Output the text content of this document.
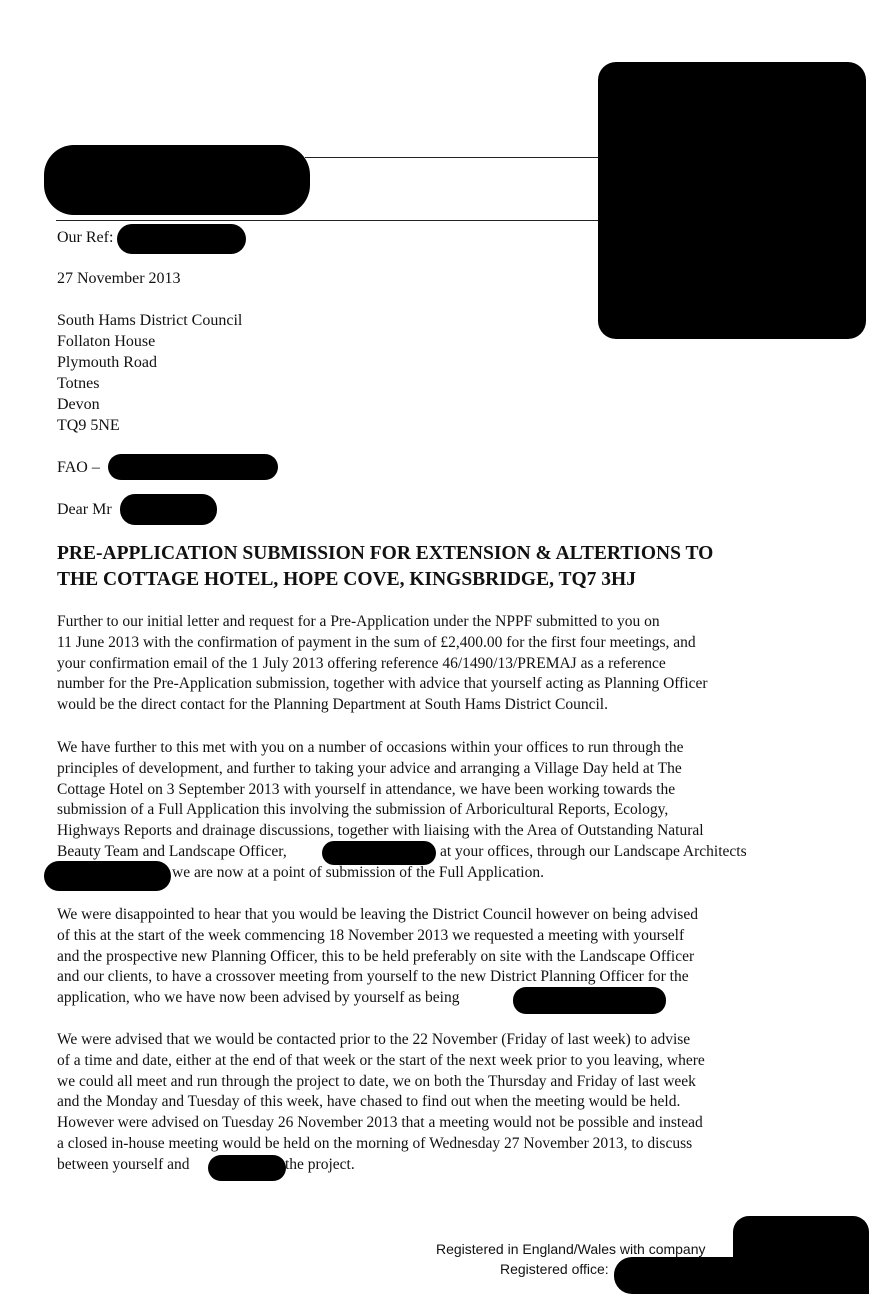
Our Ref:
27 November 2013
South Hams District Council
Follaton House
Plymouth Road
Totnes
Devon
TQ9 5NE
FAO –
Dear Mr
PRE-APPLICATION SUBMISSION FOR EXTENSION & ALTERTIONS TO
THE COTTAGE HOTEL, HOPE COVE, KINGSBRIDGE, TQ7 3HJ

Further to our initial letter and request for a Pre-Application under the NPPF submitted to you on

11 June 2013 with the confirmation of payment in the sum of £2,400.00 for the first four meetings, and

your confirmation email of the 1 July 2013 offering reference 46/1490/13/PREMAJ as a reference

number for the Pre-Application submission, together with advice that yourself acting as Planning Officer

would be the direct contact for the Planning Department at South Hams District Council.

We have further to this met with you on a number of occasions within your offices to run through the

principles of development, and further to taking your advice and arranging a Village Day held at The

Cottage Hotel on 3 September 2013 with yourself in attendance, we have been working towards the

submission of a Full Application this involving the submission of Arboricultural Reports, Ecology,

Highways Reports and drainage discussions, together with liaising with the Area of Outstanding Natural

Beauty Team and Landscape Officer,	at your offices, through our Landscape Architects

we are now at a point of submission of the Full Application.

We were disappointed to hear that you would be leaving the District Council however on being advised

of this at the start of the week commencing 18 November 2013 we requested a meeting with yourself

and the prospective new Planning Officer, this to be held preferably on site with the Landscape Officer

and our clients, to have a crossover meeting from yourself to the new District Planning Officer for the

application, who we have now been advised by yourself as being

We were advised that we would be contacted prior to the 22 November (Friday of last week) to advise

of a time and date, either at the end of that week or the start of the next week prior to you leaving, where

we could all meet and run through the project to date, we on both the Thursday and Friday of last week

and the Monday and Tuesday of this week, have chased to find out when the meeting would be held.

However were advised on Tuesday 26 November 2013 that a meeting would not be possible and instead

a closed in-house meeting would be held on the morning of Wednesday 27 November 2013, to discuss

between yourself and	the project.

Registered in England/Wales with company
Registered office:
